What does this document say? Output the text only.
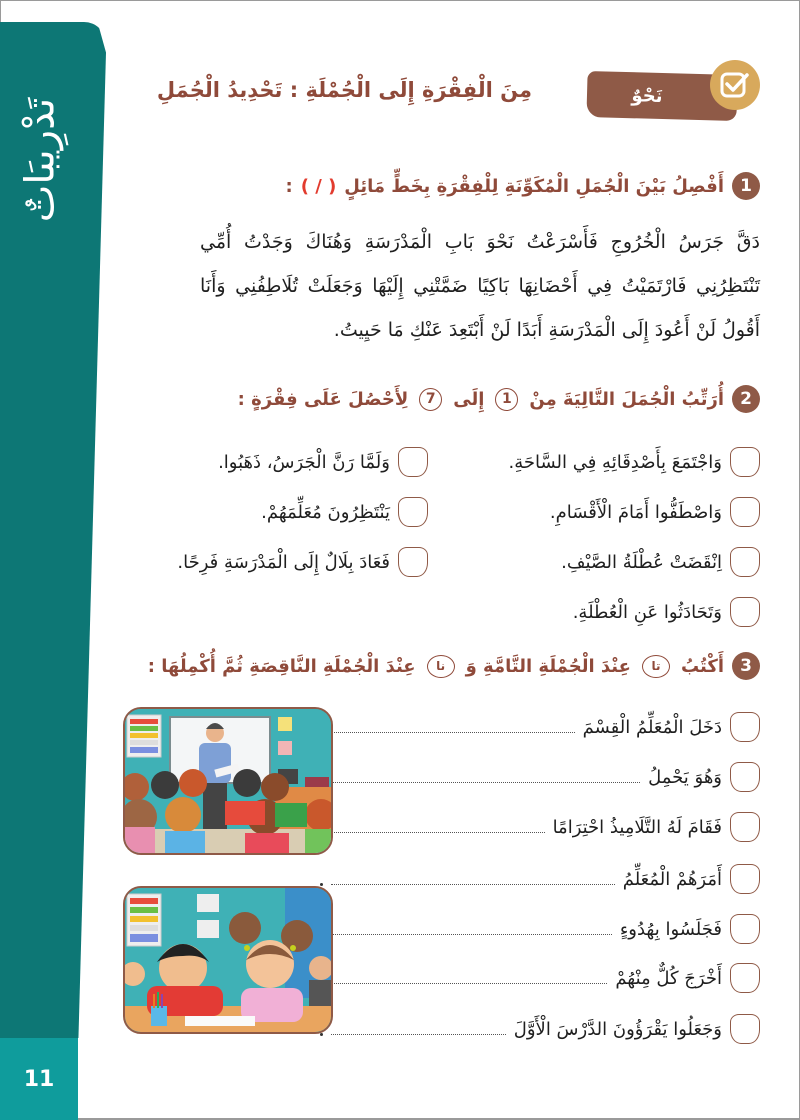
تَدْرِيبَاتٌ
11
نَحْوٌ
مِنَ الْفِقْرَةِ إِلَى الْجُمْلَةِ : تَحْدِيدُ الْجُمَلِ
1
أَفْصِلُ بَيْنَ الْجُمَلِ الْمُكَوِّنَةِ لِلْفِقْرَةِ بِخَطٍّ مَائِلٍ
( / )
:
دَقَّ جَرَسُ الْخُرُوجِ فَأَسْرَعْتُ نَحْوَ بَابِ الْمَدْرَسَةِ وَهُنَاكَ وَجَدْتُ أُمِّي تَنْتَظِرُنِي فَارْتَمَيْتُ فِي أَحْضَانِهَا بَاكِيًا ضَمَّتْنِي إِلَيْهَا وَجَعَلَتْ تُلَاطِفُنِي وَأَنَا أَقُولُ لَنْ أَعُودَ إِلَى الْمَدْرَسَةِ أَبَدًا لَنْ أَبْتَعِدَ عَنْكِ مَا حَيِيتُ.
2
أُرَتِّبُ الْجُمَلَ التَّالِيَةَ مِنْ
1
إِلَى
7
لِأَحْصُلَ عَلَى فِقْرَةٍ :
وَاجْتَمَعَ بِأَصْدِقَائِهِ فِي السَّاحَةِ.
وَاصْطَفُّوا أَمَامَ الْأَقْسَامِ.
اِنْقَضَتْ عُطْلَةُ الصَّيْفِ.
وَتَحَادَثُوا عَنِ الْعُطْلَةِ.
وَلَمَّا رَنَّ الْجَرَسُ، ذَهَبُوا.
يَنْتَظِرُونَ مُعَلِّمَهُمْ.
فَعَادَ بِلَالٌ إِلَى الْمَدْرَسَةِ فَرِحًا.
3
أَكْتُبُ
تا
عِنْدَ الْجُمْلَةِ التَّامَّةِ وَ
نا
عِنْدَ الْجُمْلَةِ النَّاقِصَةِ ثُمَّ أُكْمِلُهَا :
دَخَلَ الْمُعَلِّمُ الْقِسْمَ
وَهُوَ يَحْمِلُ
فَقَامَ لَهُ التَّلَامِيذُ احْتِرَامًا
أَمَرَهُمْ الْمُعَلِّمُ
فَجَلَسُوا بِهُدُوءٍ
أَخْرَجَ كُلٌّ مِنْهُمْ
وَجَعَلُوا يَقْرَؤُونَ الدَّرْسَ الْأَوَّلَ
